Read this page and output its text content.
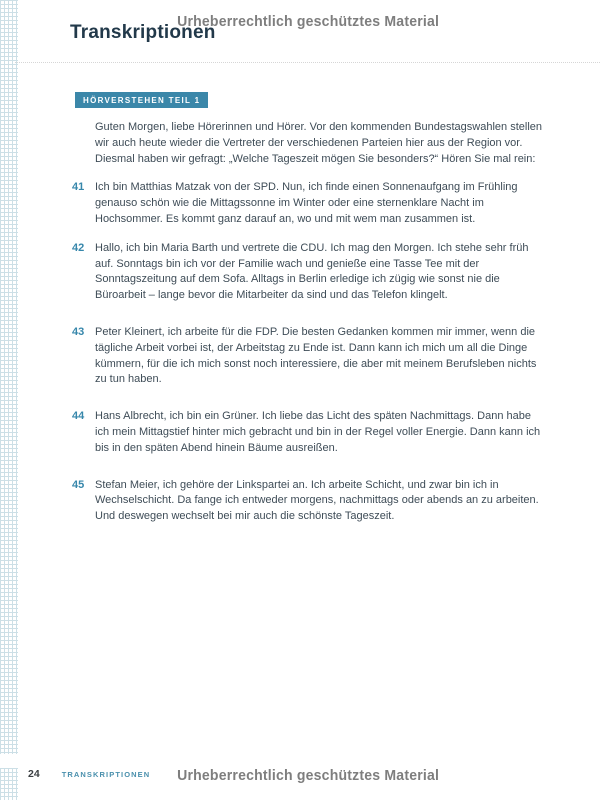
Urheberrechtlich geschütztes Material
Transkriptionen
HÖRVERSTEHEN TEIL 1

Guten Morgen, liebe Hörerinnen und Hörer. Vor den kommenden Bundestagswahlen stellen wir auch heute wieder die Vertreter der verschiedenen Parteien hier aus der Region vor. Diesmal haben wir gefragt: „Welche Tageszeit mögen Sie besonders?“ Hören Sie mal rein:

41 Ich bin Matthias Matzak von der SPD. Nun, ich finde einen Sonnenaufgang im Frühling genauso schön wie die Mittagssonne im Winter oder eine sternenklare Nacht im Hochsommer. Es kommt ganz darauf an, wo und mit wem man zusammen ist.
42 Hallo, ich bin Maria Barth und vertrete die CDU. Ich mag den Morgen. Ich stehe sehr früh auf. Sonntags bin ich vor der Familie wach und genieße eine Tasse Tee mit der Sonntagszeitung auf dem Sofa. Alltags in Berlin erledige ich zügig wie sonst nie die Büroarbeit – lange bevor die Mitarbeiter da sind und das Telefon klingelt.
43 Peter Kleinert, ich arbeite für die FDP. Die besten Gedanken kommen mir immer, wenn die tägliche Arbeit vorbei ist, der Arbeitstag zu Ende ist. Dann kann ich mich um all die Dinge kümmern, für die ich mich sonst noch interessiere, die aber mit meinem Berufsleben nichts zu tun haben.
44 Hans Albrecht, ich bin ein Grüner. Ich liebe das Licht des späten Nachmittags. Dann habe ich mein Mittagstief hinter mich gebracht und bin in der Regel voller Energie. Dann kann ich bis in den späten Abend hinein Bäume ausreißen.
45 Stefan Meier, ich gehöre der Linkspartei an. Ich arbeite Schicht, und zwar bin ich in Wechselschicht. Da fange ich entweder morgens, nachmittags oder abends an zu arbeiten. Und deswegen wechselt bei mir auch die schönste Tageszeit.
24	TRANSKRIPTIONEN Urheberrechtlich geschütztes Material
